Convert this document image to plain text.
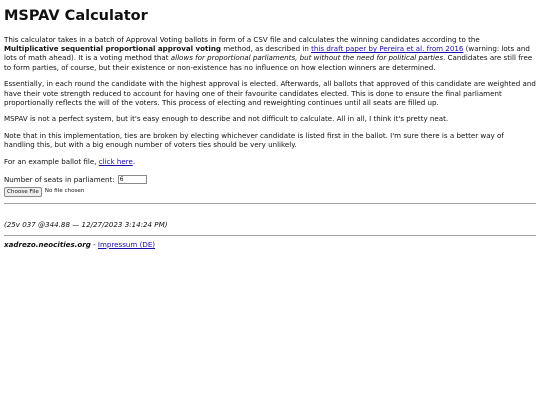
MSPAV Calculator

This calculator takes in a batch of Approval Voting ballots in form of a CSV file and calculates the winning candidates according to the Multiplicative sequential proportional approval voting method, as described in this draft paper by Pereira et al. from 2016 (warning: lots and lots of math ahead). It is a voting method that allows for proportional parliaments, but without the need for political parties. Candidates are still free to form parties, of course, but their existence or non-existence has no influence on how election winners are determined.

Essentially, in each round the candidate with the highest approval is elected. Afterwards, all ballots that approved of this candidate are weighted and have their vote strength reduced to account for having one of their favourite candidates elected. This is done to ensure the final parliament proportionally reflects the will of the voters. This process of electing and reweighting continues until all seats are filled up.

MSPAV is not a perfect system, but it's easy enough to describe and not difficult to calculate. All in all, I think it's pretty neat.

Note that in this implementation, ties are broken by electing whichever candidate is listed first in the ballot. I'm sure there is a better way of handling this, but with a big enough number of voters ties should be very unlikely.

For an example ballot file, click here.

Number of seats in parliament:
6
Choose File	No file chosen
(25v 037 @344.88 — 12/27/2023 3:14:24 PM)
xadrezo.neocities.org - Impressum (DE)
